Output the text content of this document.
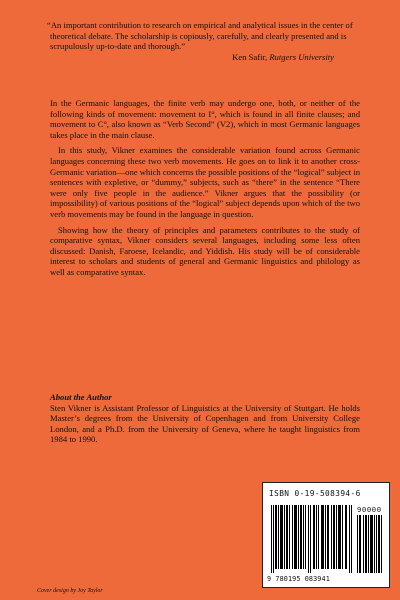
“An important contribution to research on empirical and analytical issues in the center of theoretical debate. The scholarship is copiously, carefully, and clearly presented and is scrupulously up-to-date and thorough.”

Ken Safir, Rutgers University

In the Germanic languages, the finite verb may undergo one, both, or neither of the following kinds of movement: movement to I°, which is found in all finite clauses; and movement to C°, also known as “Verb Second” (V2), which in most Germanic languages takes place in the main clause.

In this study, Vikner examines the considerable variation found across Germanic languages concerning these two verb movements. He goes on to link it to another cross-Germanic variation—one which concerns the possible positions of the “logical” subject in sentences with expletive, or “dummy,” subjects, such as “there” in the sentence “There were only five people in the audience.” Vikner argues that the possibility (or impossibility) of various positions of the “logical” subject depends upon which of the two verb movements may be found in the language in question.

Showing how the theory of principles and parameters contributes to the study of comparative syntax, Vikner considers several languages, including some less often discussed: Danish, Faroese, Icelandic, and Yiddish. His study will be of considerable interest to scholars and students of general and Germanic linguistics and philology as well as comparative syntax.

About the Author

Sten Vikner is Assistant Professor of Linguistics at the University of Stuttgart. He holds Master’s degrees from the University of Copenhagen and from University College London, and a Ph.D. from the University of Geneva, where he taught linguistics from 1984 to 1990.

ISBN 0-19-508394-6
90000
9 780195 083941
Cover design by Joy Taylor
